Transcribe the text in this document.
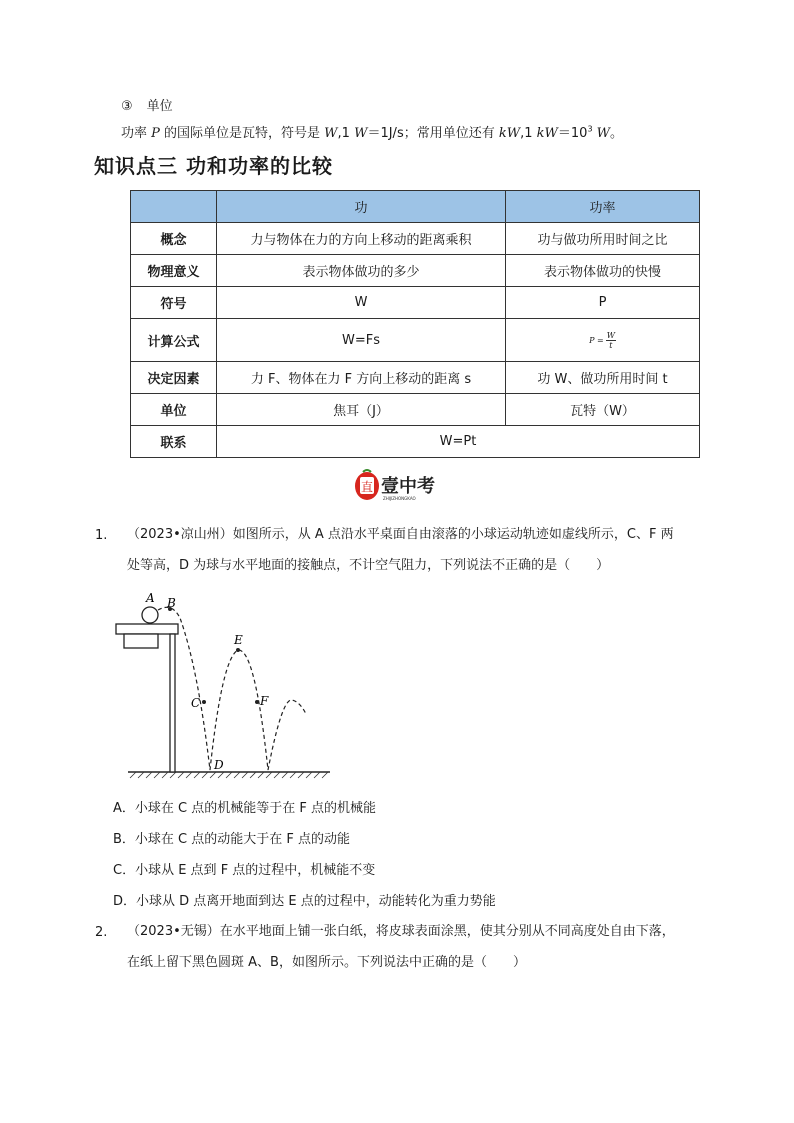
③ 单位
功率 P 的国际单位是瓦特，符号是 W,1 W＝1J/s；常用单位还有 kW,1 $kW=10^3$ W。
知识点三 功和功率的比较
	功	功率
概念	力与物体在力的方向上移动的距离乘积	功与做功所用时间之比
物理意义	表示物体做功的多少	表示物体做功的快慢
符号	W	P
计算公式	W=Fs	$P = \frac{W}{t}$

决定因素	力 F、物体在力 F 方向上移动的距离 s	功 W、做功所用时间 t
单位	焦耳（J）	瓦特（W）
联系	W=Pt	
直 壹中考
ZHIJIZHONGKAO
1. （2023•凉山州）如图所示，从 A 点沿水平桌面自由滚落的小球运动轨迹如虚线所示，C、F 两
处等高，D 为球与水平地面的接触点，不计空气阻力，下列说法不正确的是（　　）
A B
C
D
E
F
A．小球在 C 点的机械能等于在 F 点的机械能
B．小球在 C 点的动能大于在 F 点的动能
C．小球从 E 点到 F 点的过程中，机械能不变
D．小球从 D 点离开地面到达 E 点的过程中，动能转化为重力势能
2. （2023•无锡）在水平地面上铺一张白纸，将皮球表面涂黑，使其分别从不同高度处自由下落，
在纸上留下黑色圆斑 A、B，如图所示。下列说法中正确的是（　　）
